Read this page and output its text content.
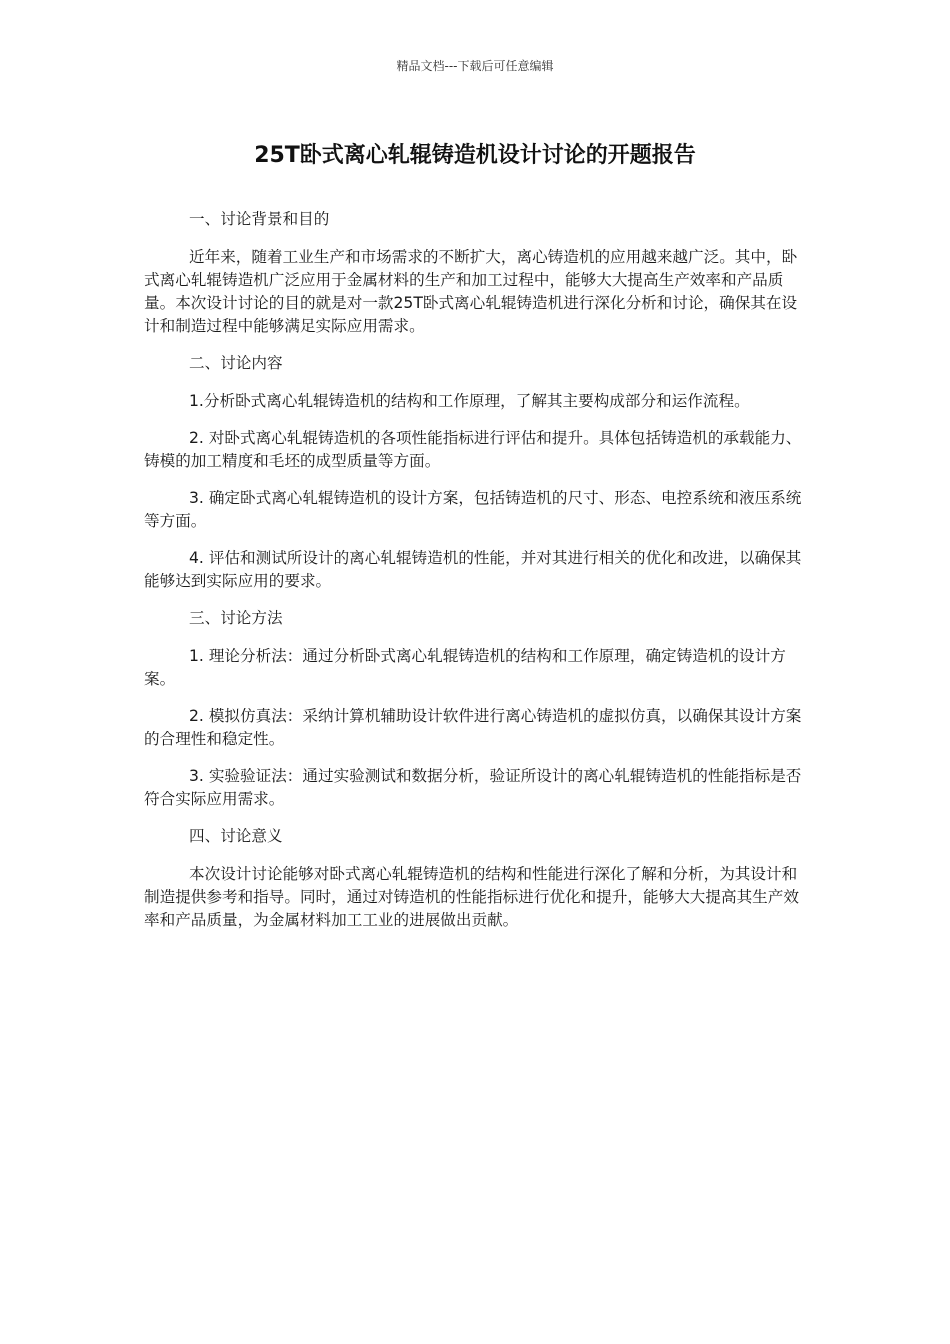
精品文档---下载后可任意编辑
25T卧式离心轧辊铸造机设计讨论的开题报告

一、讨论背景和目的

近年来，随着工业生产和市场需求的不断扩大，离心铸造机的应用越来越广泛。其中，卧式离心轧辊铸造机广泛应用于金属材料的生产和加工过程中，能够大大提高生产效率和产品质量。本次设计讨论的目的就是对一款25T卧式离心轧辊铸造机进行深化分析和讨论，确保其在设计和制造过程中能够满足实际应用需求。

二、讨论内容

1.分析卧式离心轧辊铸造机的结构和工作原理，了解其主要构成部分和运作流程。

2. 对卧式离心轧辊铸造机的各项性能指标进行评估和提升。具体包括铸造机的承载能力、铸模的加工精度和毛坯的成型质量等方面。

3. 确定卧式离心轧辊铸造机的设计方案，包括铸造机的尺寸、形态、电控系统和液压系统等方面。

4. 评估和测试所设计的离心轧辊铸造机的性能，并对其进行相关的优化和改进，以确保其能够达到实际应用的要求。

三、讨论方法

1. 理论分析法：通过分析卧式离心轧辊铸造机的结构和工作原理，确定铸造机的设计方案。

2. 模拟仿真法：采纳计算机辅助设计软件进行离心铸造机的虚拟仿真，以确保其设计方案的合理性和稳定性。

3. 实验验证法：通过实验测试和数据分析，验证所设计的离心轧辊铸造机的性能指标是否符合实际应用需求。

四、讨论意义

本次设计讨论能够对卧式离心轧辊铸造机的结构和性能进行深化了解和分析，为其设计和制造提供参考和指导。同时，通过对铸造机的性能指标进行优化和提升，能够大大提高其生产效率和产品质量，为金属材料加工工业的进展做出贡献。
